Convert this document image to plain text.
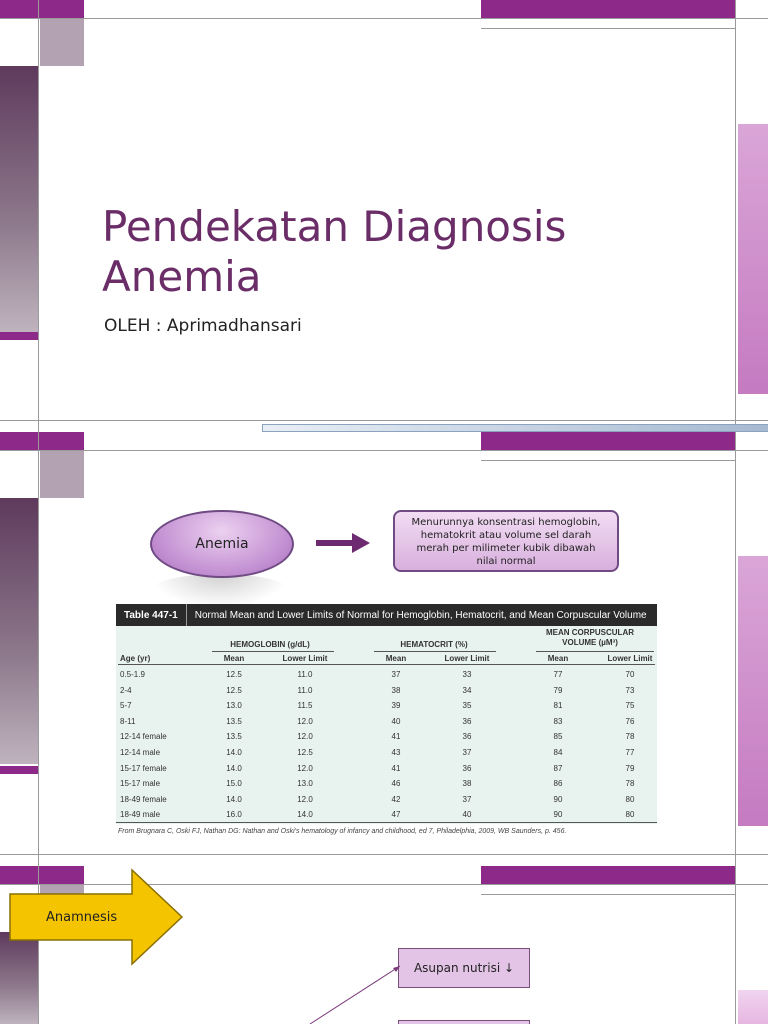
Pendekatan Diagnosis
Anemia
OLEH : Aprimadhansari
Anemia
Menurunnya konsentrasi hemoglobin,
hematokrit atau volume sel darah
merah per milimeter kubik dibawah
nilai normal
Table 447-1	Normal Mean and Lower Limits of Normal for Hemoglobin, Hematocrit, and Mean Corpuscular Volume
HEMOGLOBIN (g/dL)	HEMATOCRIT (%)
MEAN CORPUSCULAR VOLUME (µM³)
Age (yr)	Mean	Lower Limit	Mean	Lower Limit	Mean	Lower Limit
0.5-1.9	12.5	11.0	37	33	77	70
2-4	12.5	11.0	38	34	79	73
5-7	13.0	11.5	39	35	81	75
8-11	13.5	12.0	40	36	83	76
12-14 female	13.5	12.0	41	36	85	78
12-14 male	14.0	12.5	43	37	84	77
15-17 female	14.0	12.0	41	36	87	79
15-17 male	15.0	13.0	46	38	86	78
18-49 female	14.0	12.0	42	37	90	80
18-49 male	16.0	14.0	47	40	90	80
From Brugnara C, Oski FJ, Nathan DG: Nathan and Oski's hematology of infancy and childhood, ed 7, Philadelphia, 2009, WB Saunders, p. 456.
Anamnesis
Asupan nutrisi ↓
